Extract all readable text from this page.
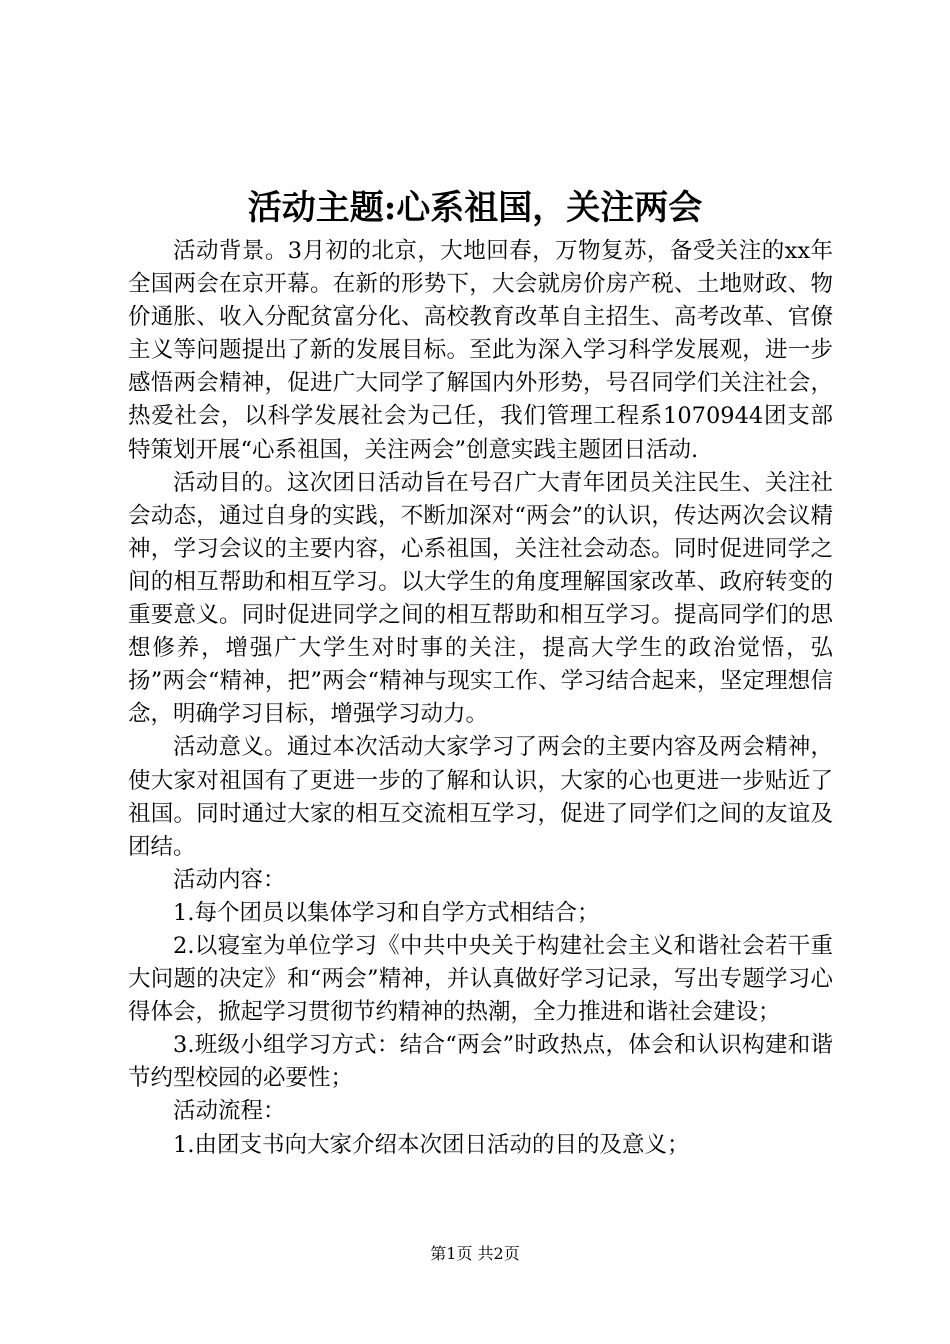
活动主题:心系祖国，关注两会

活动背景。3月初的北京，大地回春，万物复苏，备受关注的xx年全国两会在京开幕。在新的形势下，大会就房价房产税、土地财政、物价通胀、收入分配贫富分化、高校教育改革自主招生、高考改革、官僚主义等问题提出了新的发展目标。至此为深入学习科学发展观，进一步感悟两会精神，促进广大同学了解国内外形势，号召同学们关注社会，热爱社会，以科学发展社会为己任，我们管理工程系1070944团支部特策划开展“心系祖国，关注两会”创意实践主题团日活动.

活动目的。这次团日活动旨在号召广大青年团员关注民生、关注社会动态，通过自身的实践，不断加深对“两会”的认识，传达两次会议精神，学习会议的主要内容，心系祖国，关注社会动态。同时促进同学之间的相互帮助和相互学习。以大学生的角度理解国家改革、政府转变的重要意义。同时促进同学之间的相互帮助和相互学习。提高同学们的思想修养，增强广大学生对时事的关注，提高大学生的政治觉悟，弘扬”两会“精神，把”两会“精神与现实工作、学习结合起来，坚定理想信念，明确学习目标，增强学习动力。

活动意义。通过本次活动大家学习了两会的主要内容及两会精神，使大家对祖国有了更进一步的了解和认识，大家的心也更进一步贴近了祖国。同时通过大家的相互交流相互学习，促进了同学们之间的友谊及团结。

活动内容：

1.每个团员以集体学习和自学方式相结合；

2.以寝室为单位学习《中共中央关于构建社会主义和谐社会若干重大问题的决定》和“两会”精神，并认真做好学习记录，写出专题学习心得体会，掀起学习贯彻节约精神的热潮，全力推进和谐社会建设；

3.班级小组学习方式：结合“两会”时政热点，体会和认识构建和谐节约型校园的必要性；

活动流程：

1.由团支书向大家介绍本次团日活动的目的及意义；

第1页 共2页
